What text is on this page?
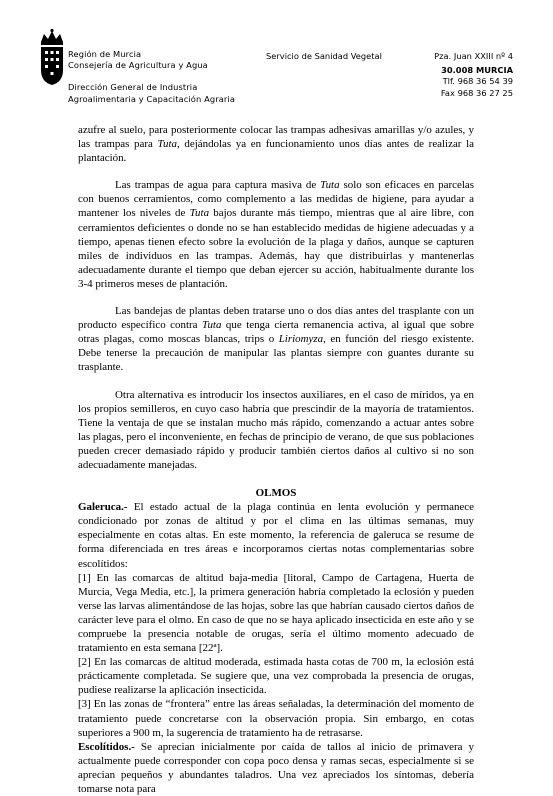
Región de Murcia
Consejería de Agricultura y Agua
Dirección General de Industria
Agroalimentaria y Capacitación Agraria
Servicio de Sanidad Vegetal	Pza. Juan XXIII nº 4
30.008 MURCIA
Tlf. 968 36 54 39
Fax 968 36 27 25

azufre al suelo, para posteriormente colocar las trampas adhesivas amarillas y/o azules, y las trampas para Tuta, dejándolas ya en funcionamiento unos días antes de realizar la plantación.

Las trampas de agua para captura masiva de Tuta solo son eficaces en parcelas con buenos cerramientos, como complemento a las medidas de higiene, para ayudar a mantener los niveles de Tuta bajos durante más tiempo, mientras que al aire libre, con cerramientos deficientes o donde no se han establecido medidas de higiene adecuadas y a tiempo, apenas tienen efecto sobre la evolución de la plaga y daños, aunque se capturen miles de individuos en las trampas. Además, hay que distribuirlas y mantenerlas adecuadamente durante el tiempo que deban ejercer su acción, habitualmente durante los 3-4 primeros meses de plantación.

Las bandejas de plantas deben tratarse uno o dos días antes del trasplante con un producto específico contra Tuta que tenga cierta remanencia activa, al igual que sobre otras plagas, como moscas blancas, trips o Liriomyza, en función del riesgo existente. Debe tenerse la precaución de manipular las plantas siempre con guantes durante su trasplante.

Otra alternativa es introducir los insectos auxiliares, en el caso de míridos, ya en los propios semilleros, en cuyo caso habría que prescindir de la mayoría de tratamientos. Tiene la ventaja de que se instalan mucho más rápido, comenzando a actuar antes sobre las plagas, pero el inconveniente, en fechas de principio de verano, de que sus poblaciones pueden crecer demasiado rápido y producir también ciertos daños al cultivo si no son adecuadamente manejadas.

OLMOS

Galeruca.- El estado actual de la plaga continúa en lenta evolución y permanece condicionado por zonas de altitud y por el clima en las últimas semanas, muy especialmente en cotas altas. En este momento, la referencia de galeruca se resume de forma diferenciada en tres áreas e incorporamos ciertas notas complementarias sobre escolítidos:

[1] En las comarcas de altitud baja-media [litoral, Campo de Cartagena, Huerta de Murcia, Vega Media, etc.], la primera generación habría completado la eclosión y pueden verse las larvas alimentándose de las hojas, sobre las que habrían causado ciertos daños de carácter leve para el olmo. En caso de que no se haya aplicado insecticida en este año y se compruebe la presencia notable de orugas, sería el último momento adecuado de tratamiento en esta semana [22ª].

[2] En las comarcas de altitud moderada, estimada hasta cotas de 700 m, la eclosión está prácticamente completada. Se sugiere que, una vez comprobada la presencia de orugas, pudiese realizarse la aplicación insecticida.

[3] En las zonas de “frontera” entre las áreas señaladas, la determinación del momento de tratamiento puede concretarse con la observación propia. Sin embargo, en cotas superiores a 900 m, la sugerencia de tratamiento ha de retrasarse.

Escolítidos.- Se aprecian inicialmente por caída de tallos al inicio de primavera y actualmente puede corresponder con copa poco densa y ramas secas, especialmente si se aprecian pequeños y abundantes taladros. Una vez apreciados los síntomas, debería tomarse nota para
